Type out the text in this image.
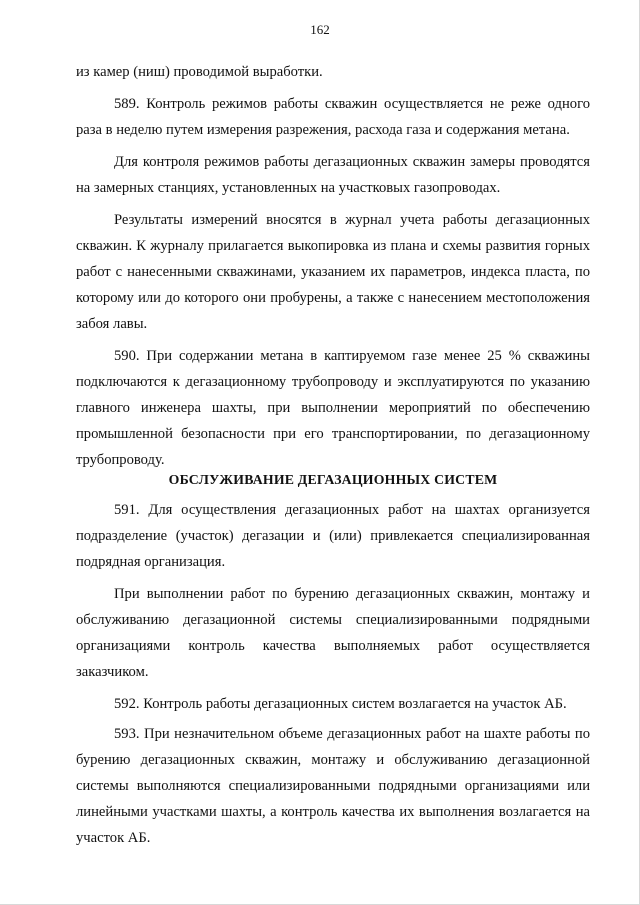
162

из камер (ниш) проводимой выработки.

589. Контроль режимов работы скважин осуществляется не реже одного раза в неделю путем измерения разрежения, расхода газа и содержания метана.

Для контроля режимов работы дегазационных скважин замеры проводятся на замерных станциях, установленных на участковых газопроводах.

Результаты измерений вносятся в журнал учета работы дегазационных скважин. К журналу прилагается выкопировка из плана и схемы развития горных работ с нанесенными скважинами, указанием их параметров, индекса пласта, по которому или до которого они пробурены, а также с нанесением местоположения забоя лавы.

590. При содержании метана в каптируемом газе менее 25 % скважины подключаются к дегазационному трубопроводу и эксплуатируются по указанию главного инженера шахты, при выполнении мероприятий по обеспечению промышленной безопасности при его транспортировании, по дегазационному трубопроводу.

ОБСЛУЖИВАНИЕ ДЕГАЗАЦИОННЫХ СИСТЕМ

591. Для осуществления дегазационных работ на шахтах организуется подразделение (участок) дегазации и (или) привлекается специализированная подрядная организация.

При выполнении работ по бурению дегазационных скважин, монтажу и обслуживанию дегазационной системы специализированными подрядными организациями контроль качества выполняемых работ осуществляется заказчиком.

592. Контроль работы дегазационных систем возлагается на участок АБ.

593. При незначительном объеме дегазационных работ на шахте работы по бурению дегазационных скважин, монтажу и обслуживанию дегазационной системы выполняются специализированными подрядными организациями или линейными участками шахты, а контроль качества их выполнения возлагается на участок АБ.
